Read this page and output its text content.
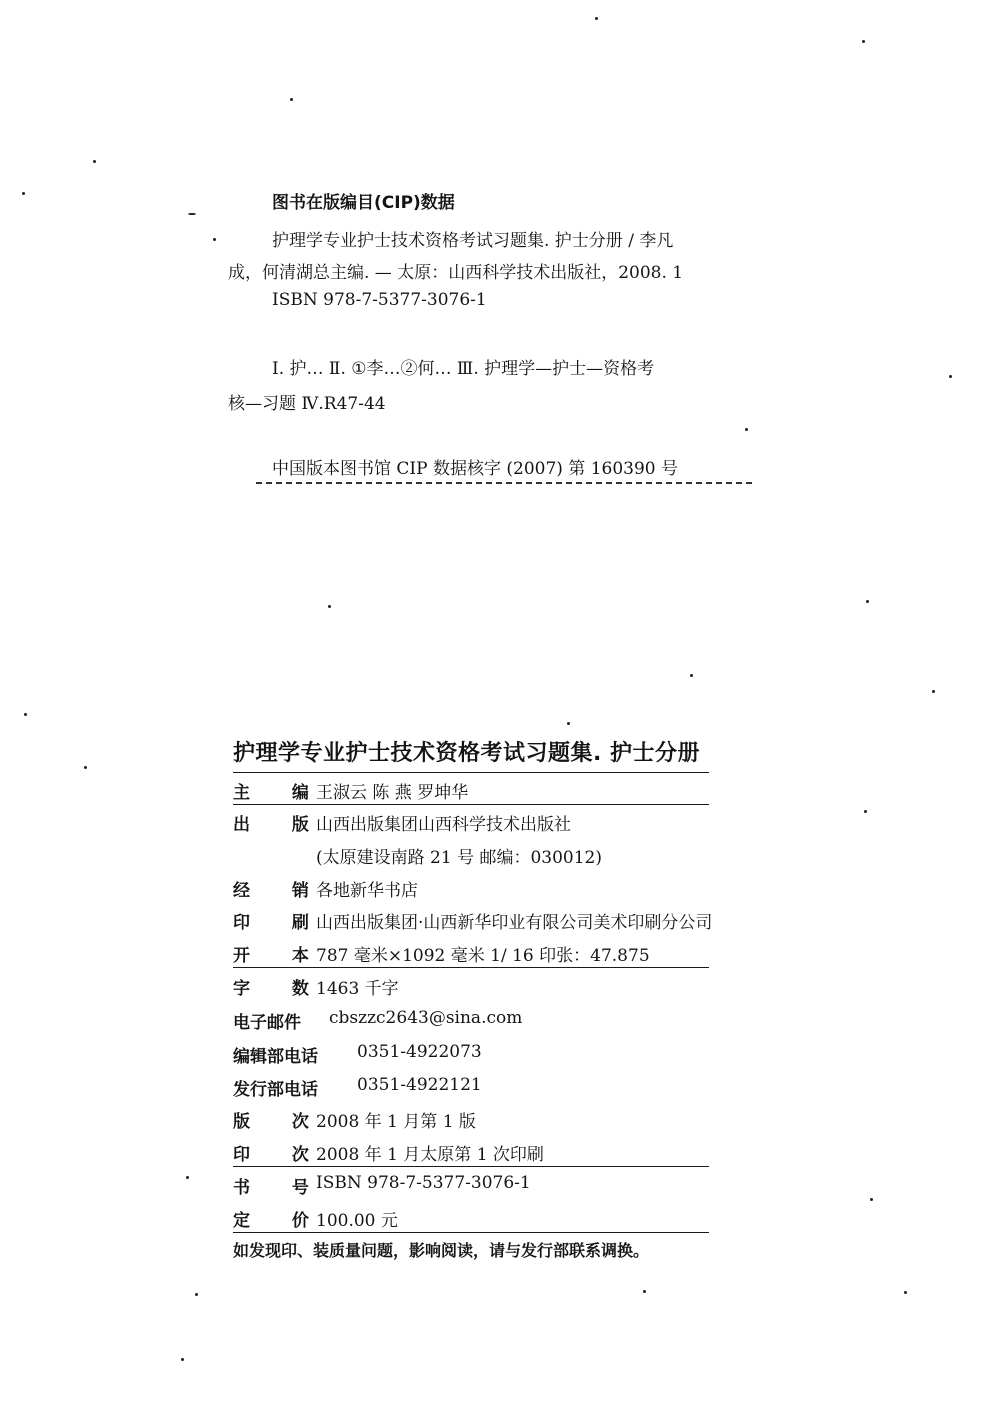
图书在版编目(CIP)数据
护理学专业护士技术资格考试习题集. 护士分册 / 李凡
成，何清湖总主编. — 太原：山西科学技术出版社，2008. 1
ISBN 978-7-5377-3076-1
Ⅰ. 护… Ⅱ. ①李…②何… Ⅲ. 护理学—护士—资格考
核—习题 Ⅳ.R47-44
中国版本图书馆 CIP 数据核字 (2007) 第 160390 号
护理学专业护士技术资格考试习题集. 护士分册
主 编
王淑云 陈 燕 罗坤华
出 版
山西出版集团山西科学技术出版社
(太原建设南路 21 号 邮编：030012)
经 销
各地新华书店
印 刷
山西出版集团·山西新华印业有限公司美术印刷分公司
开 本
787 毫米×1092 毫米 1/ 16 印张：47.875
字 数
1463 千字
电子邮件 cbszzc2643@sina.com
编辑部电话 0351-4922073
发行部电话 0351-4922121
版 次
2008 年 1 月第 1 版
印 次
2008 年 1 月太原第 1 次印刷
书 号
ISBN 978-7-5377-3076-1
定 价
100.00 元
如发现印、装质量问题，影响阅读，请与发行部联系调换。
